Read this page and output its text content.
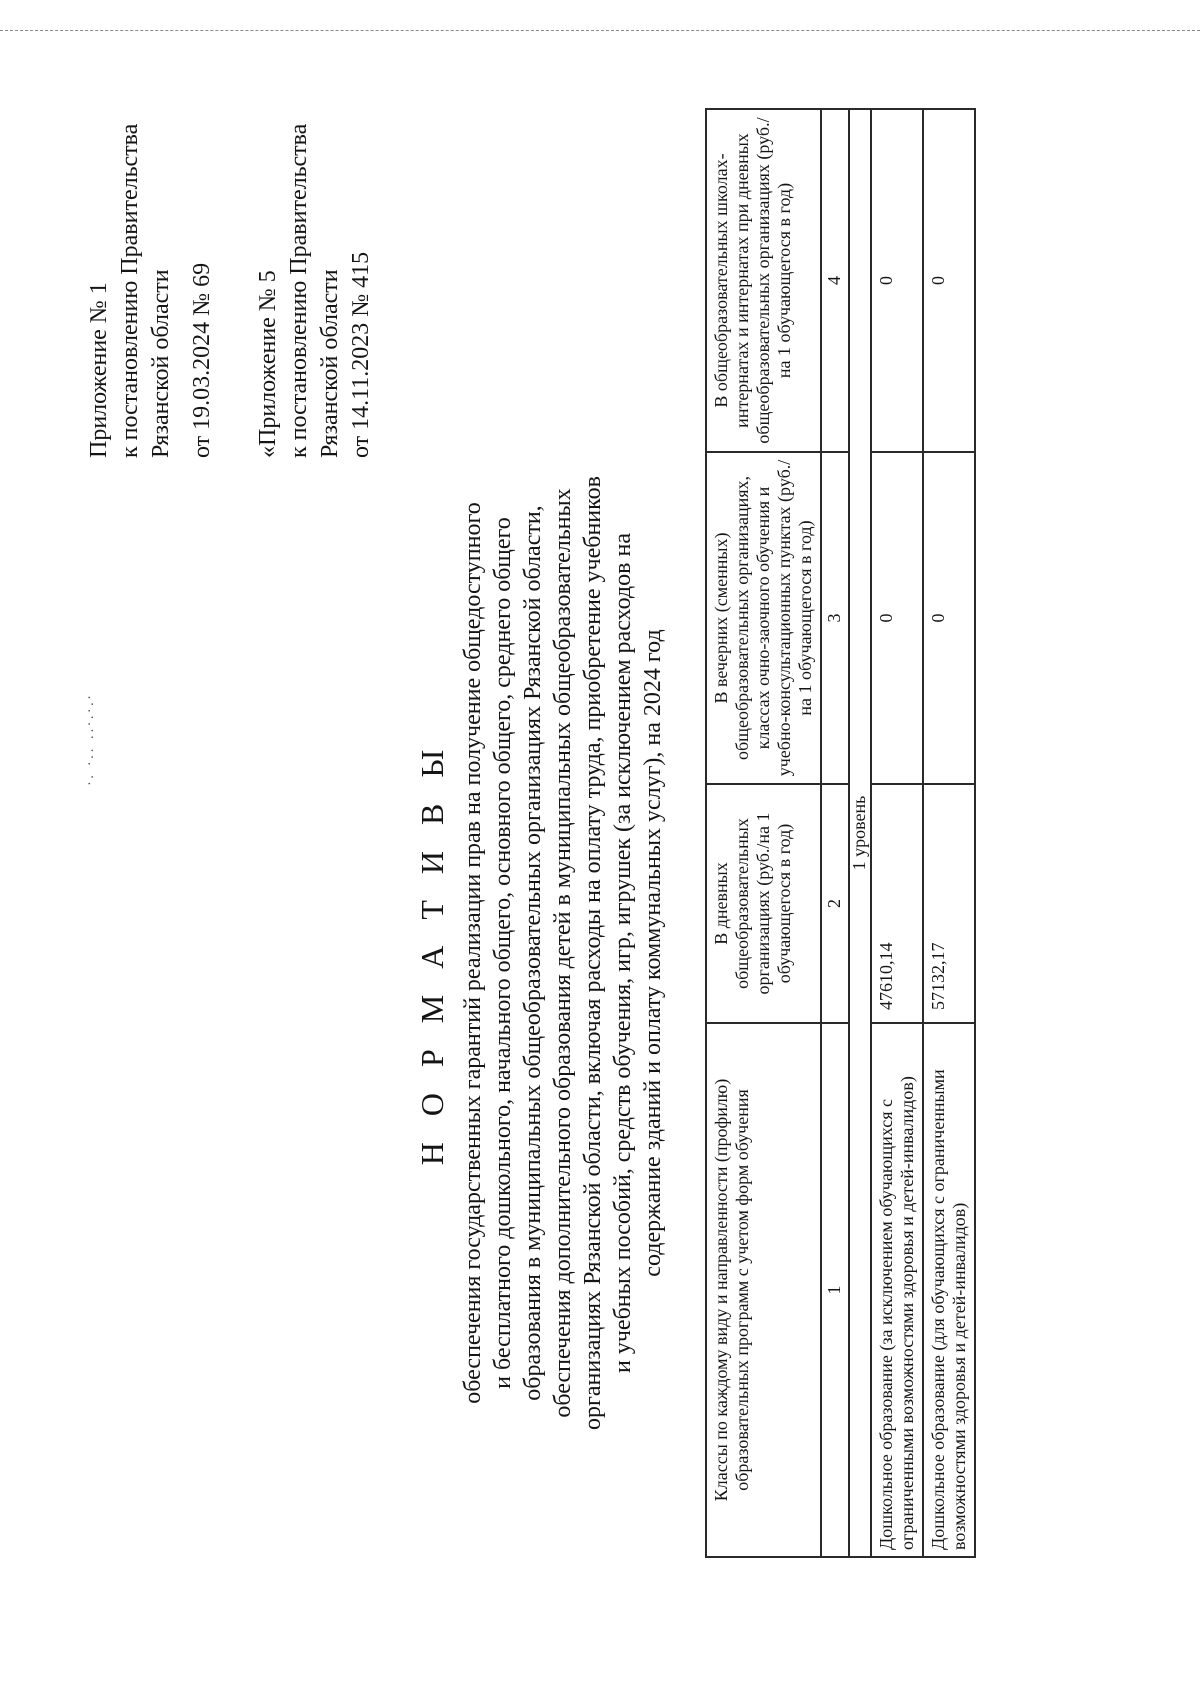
·. ·.. ..·.·.·
Приложение № 1 к постановлению Правительства Рязанской области от 19.03.2024 № 69 «Приложение № 5 к постановлению Правительства Рязанской области от 14.11.2023 № 415
Н О Р М А Т И В Ы обеспечения государственных гарантий реализации прав на получение общедоступного и бесплатного дошкольного, начального общего, основного общего, среднего общего образования в муниципальных общеобразовательных организациях Рязанской области, обеспечения дополнительного образования детей в муниципальных общеобразовательных организациях Рязанской области, включая расходы на оплату труда, приобретение учебников и учебных пособий, средств обучения, игр, игрушек (за исключением расходов на содержание зданий и оплату коммунальных услуг), на 2024 год
Классы по каждому виду и направленности (профилю) образовательных программ с учетом форм обучения	В дневных общеобразовательных организациях (руб./на 1 обучающегося в год)	В вечерних (сменных) общеобразовательных организациях, классах очно-заочного обучения и учебно-консультационных пунктах (руб./на 1 обучающегося в год)	В общеобразовательных школах-интернатах и интернатах при дневных общеобразовательных организациях (руб./на 1 обучающегося в год)
1	2	3	4
1 уровень			
Дошкольное образование (за исключением обучающихся с ограниченными возможностями здоровья и детей-инвалидов)	47610,14	0	0
Дошкольное образование (для обучающихся с ограниченными возможностями здоровья и детей-инвалидов)	57132,17	0	0
